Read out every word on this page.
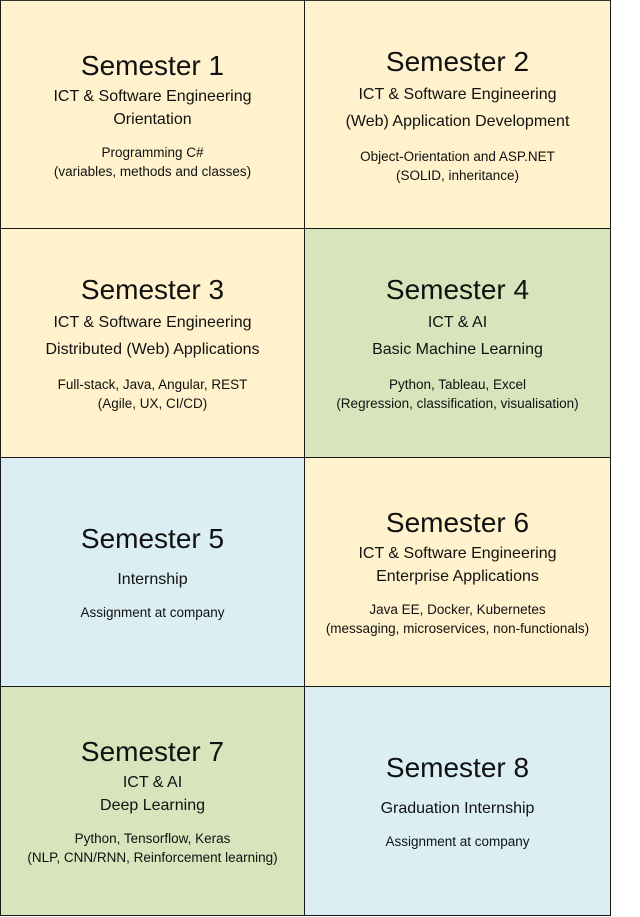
Semester 1
ICT & Software Engineering
Orientation
Programming C#
(variables, methods and classes)
Semester 2
ICT & Software Engineering
(Web) Application Development
Object-Orientation and ASP.NET
(SOLID, inheritance)
Semester 3
ICT & Software Engineering
Distributed (Web) Applications
Full-stack, Java, Angular, REST
(Agile, UX, CI/CD)
Semester 4
ICT & AI
Basic Machine Learning
Python, Tableau, Excel
(Regression, classification, visualisation)
Semester 5
Internship
Assignment at company
Semester 6
ICT & Software Engineering
Enterprise Applications
Java EE, Docker, Kubernetes
(messaging, microservices, non-functionals)
Semester 7
ICT & AI
Deep Learning
Python, Tensorflow, Keras
(NLP, CNN/RNN, Reinforcement learning)
Semester 8
Graduation Internship
Assignment at company
